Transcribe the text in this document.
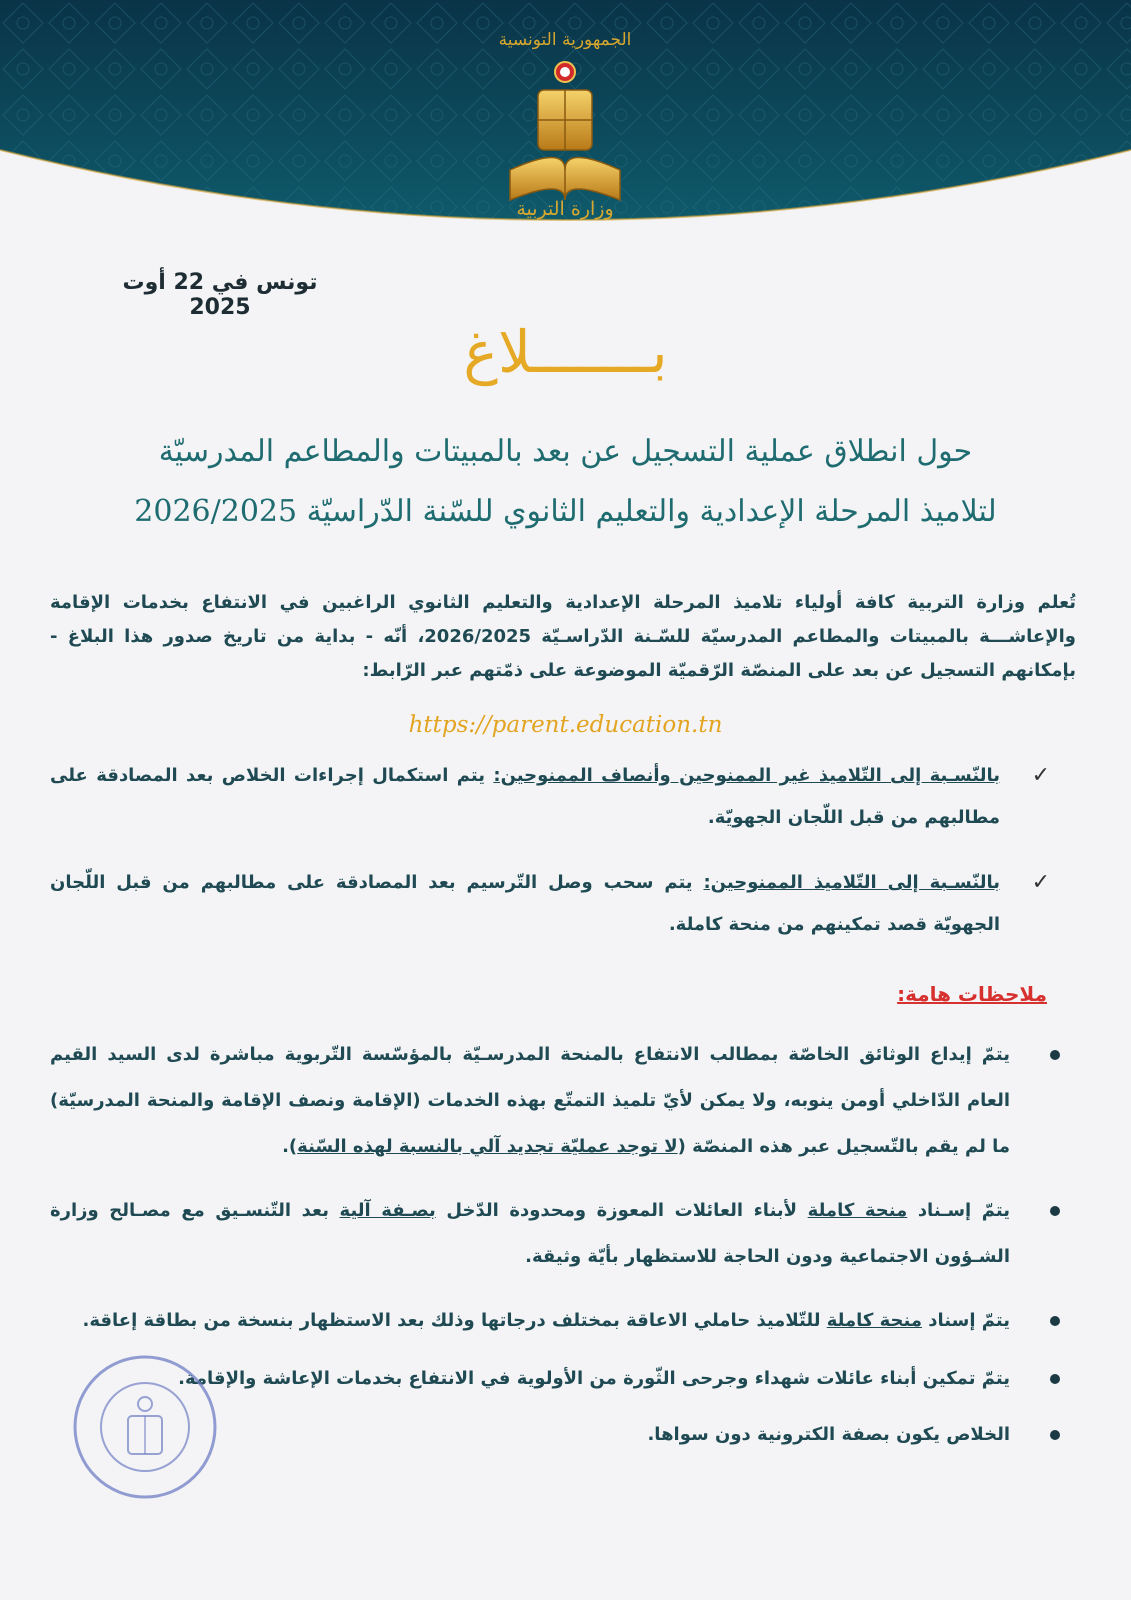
الجمهورية التونسية
وزارة التربية
تونس في 22 أوت 2025
بـــــــلاغ
حول انطلاق عملية التسجيل عن بعد بالمبيتات والمطاعم المدرسيّة
لتلاميذ المرحلة الإعدادية والتعليم الثانوي للسّنة الدّراسيّة 2026/2025
تُعلم وزارة التربية كافة أولياء تلاميذ المرحلة الإعدادية والتعليم الثانوي الراغبين في الانتفاع بخدمات الإقامة والإعاشـــة بالمبيتات والمطاعم المدرسيّة للسّـنة الدّراسـيّة 2026/2025، أنّه - بداية من تاريخ صدور هذا البلاغ - بإمكانهم التسجيل عن بعد على المنصّة الرّقميّة الموضوعة على ذمّتهم عبر الرّابط:
https://parent.education.tn
✓
بالنّسـبة إلى التّلاميذ غير الممنوحين وأنصاف الممنوحين: يتم استكمال إجراءات الخلاص بعد المصادقة على مطالبهم من قبل اللّجان الجهويّة.
✓
بالنّسـبة إلى التّلاميذ الممنوحين: يتم سحب وصل التّرسيم بعد المصادقة على مطالبهم من قبل اللّجان الجهويّة قصد تمكينهم من منحة كاملة.
ملاحظات هامة:
يتمّ إيداع الوثائق الخاصّة بمطالب الانتفاع بالمنحة المدرسـيّة بالمؤسّسة التّربوية مباشرة لدى السيد القيم العام الدّاخلي أومن ينوبه، ولا يمكن لأيّ تلميذ التمتّع بهذه الخدمات (الإقامة ونصف الإقامة والمنحة المدرسيّة) ما لم يقم بالتّسجيل عبر هذه المنصّة (لا توجد عمليّة تجديد آلي بالنسبة لهذه السّنة).
يتمّ إسـناد منحة كاملة لأبناء العائلات المعوزة ومحدودة الدّخل بصـفة آلية بعد التّنسـيق مع مصـالح وزارة الشـؤون الاجتماعية ودون الحاجة للاستظهار بأيّة وثيقة.
يتمّ إسناد منحة كاملة للتّلاميذ حاملي الاعاقة بمختلف درجاتها وذلك بعد الاستظهار بنسخة من بطاقة إعاقة.
يتمّ تمكين أبناء عائلات شهداء وجرحى الثّورة من الأولوية في الانتفاع بخدمات الإعاشة والإقامة.
الخلاص يكون بصفة الكترونية دون سواها.
